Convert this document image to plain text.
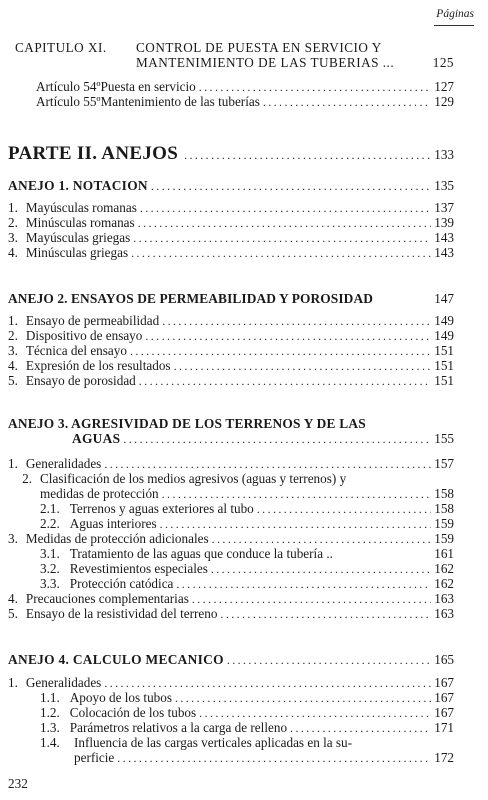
Páginas
CAPITULO XI. CONTROL DE PUESTA EN SERVICIO Y
MANTENIMIENTO DE LAS TUBERIAS ...	125
Artículo 54º Puesta en servicio .....	127
Artículo 55º Mantenimiento de las tuberías .....	129
PARTE II. ANEJOS .....	133
ANEJO 1. NOTACION .....	135
1. Mayúsculas romanas .....	137
2. Minúsculas romanas .....	139
3. Mayúsculas griegas .....	143
4. Minúsculas griegas .....	143
ANEJO 2. ENSAYOS DE PERMEABILIDAD Y POROSIDAD	147
1. Ensayo de permeabilidad .....	149
2. Dispositivo de ensayo .....	149
3. Técnica del ensayo .....	151
4. Expresión de los resultados .....	151
5. Ensayo de porosidad .....	151
ANEJO 3. AGRESIVIDAD DE LOS TERRENOS Y DE LAS
AGUAS .....	155
1. Generalidades .....	157
2. Clasificación de los medios agresivos (aguas y terrenos) y
medidas de protección .....	158
2.1. Terrenos y aguas exteriores al tubo .....	158
2.2. Aguas interiores .....	159
3. Medidas de protección adicionales .....	159
3.1. Tratamiento de las aguas que conduce la tubería ..	161
3.2. Revestimientos especiales .....	162
3.3. Protección catódica .....	162
4. Precauciones complementarias .....	163
5. Ensayo de la resistividad del terreno .....	163
ANEJO 4. CALCULO MECANICO .....	165
1. Generalidades .....	167
1.1. Apoyo de los tubos .....	167
1.2. Colocación de los tubos .....	167
1.3. Parámetros relativos a la carga de relleno .....	171
1.4.	Influencia de las cargas verticales aplicadas en la su-
perficie .....	172
232
